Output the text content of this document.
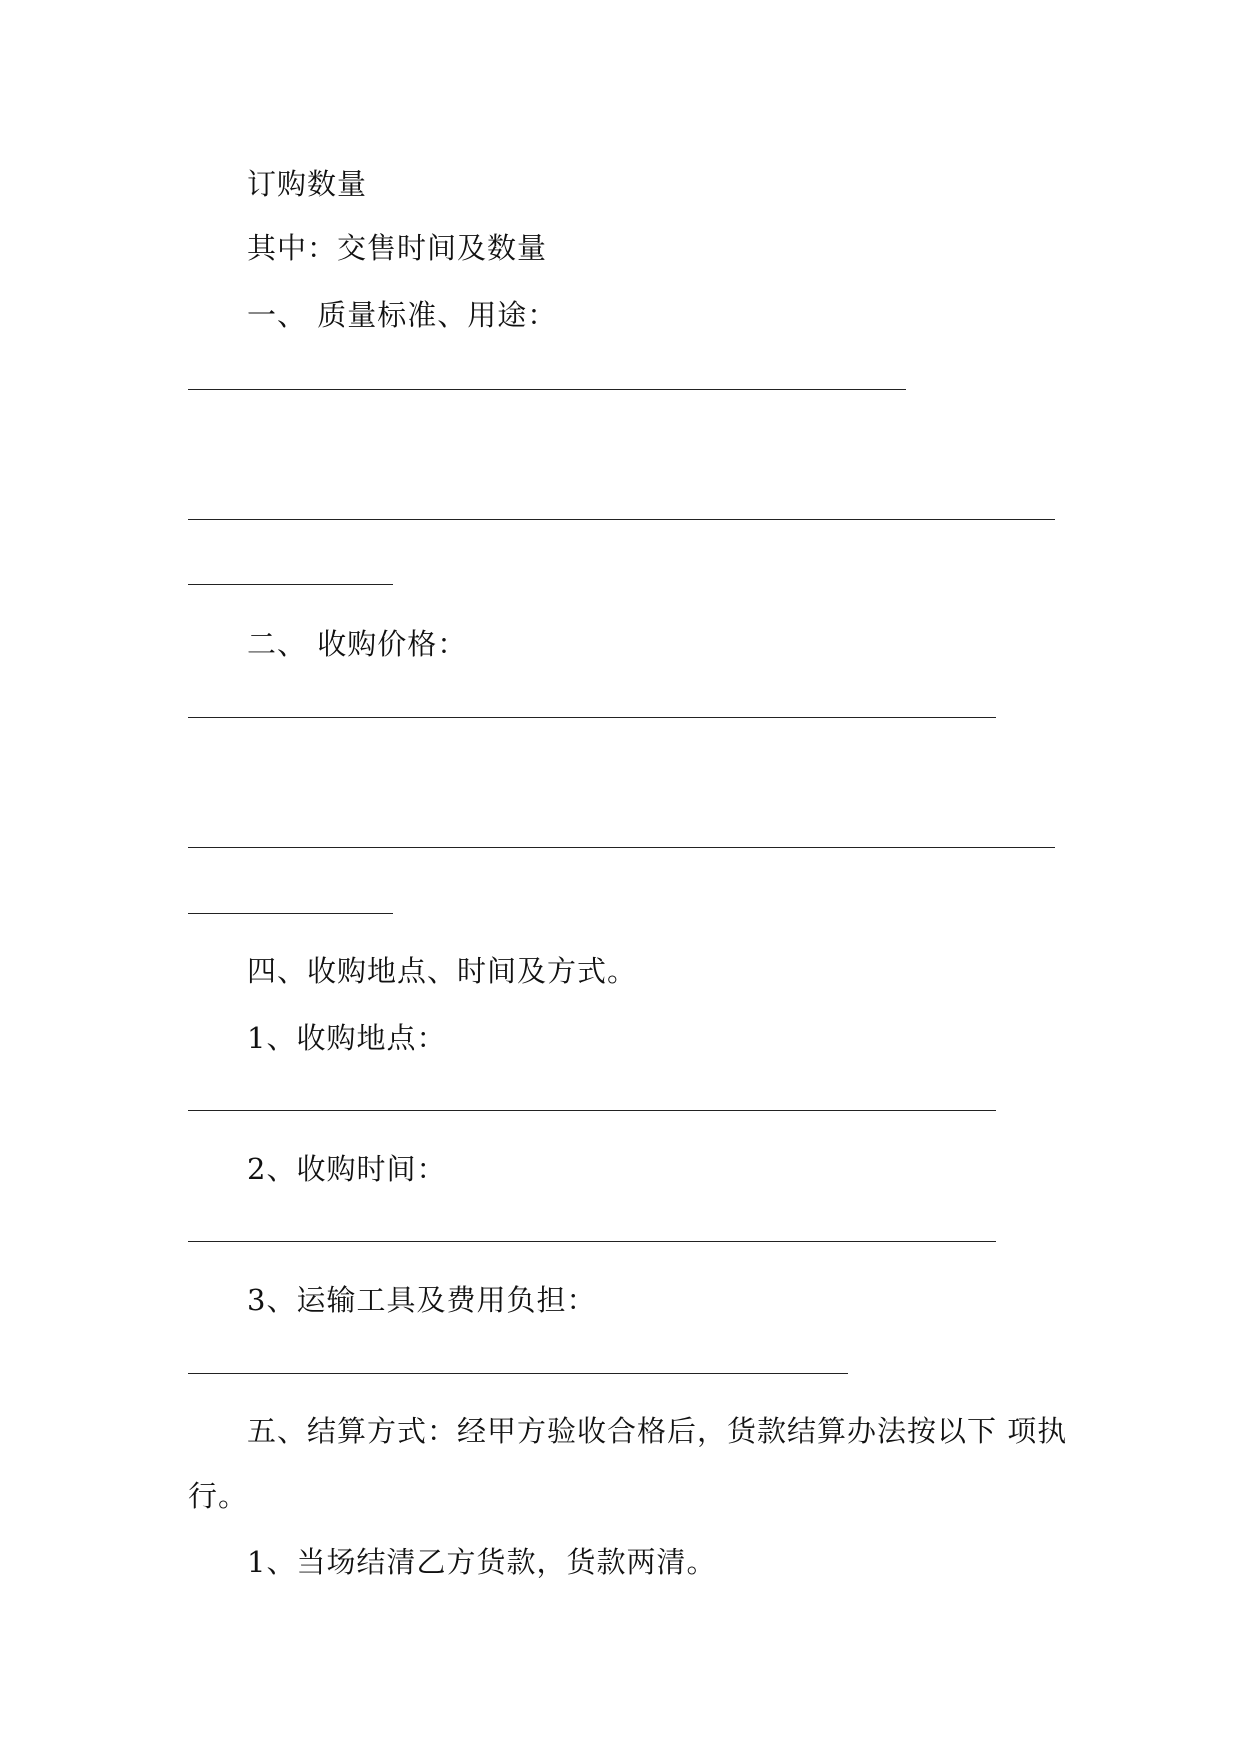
订购数量
其中：交售时间及数量
一、 质量标准、用途：
二、 收购价格：
四、收购地点、时间及方式。
1、收购地点：
2、收购时间：
3、运输工具及费用负担：
五、结算方式：经甲方验收合格后，货款结算办法按以下 项执
行。
1、当场结清乙方货款，货款两清。
